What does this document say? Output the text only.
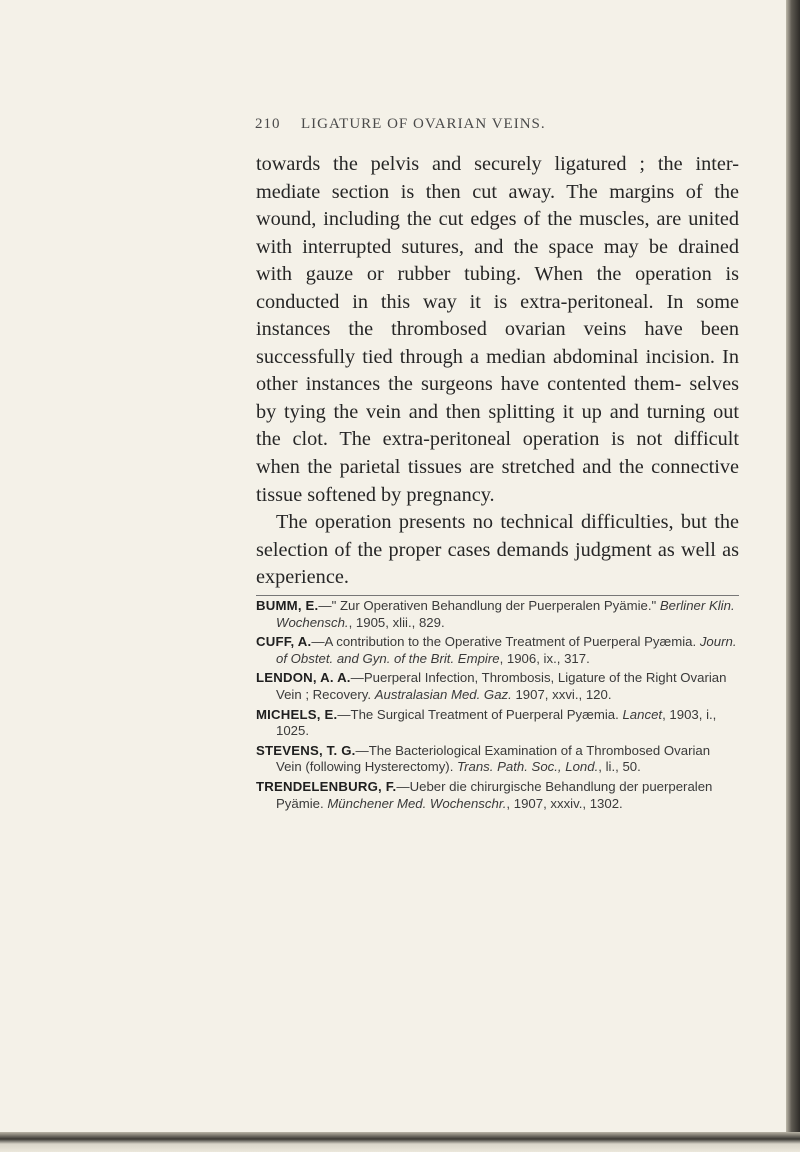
210 LIGATURE OF OVARIAN VEINS.

towards the pelvis and securely ligatured ; the inter- mediate section is then cut away. The margins of the wound, including the cut edges of the muscles, are united with interrupted sutures, and the space may be drained with gauze or rubber tubing. When the operation is conducted in this way it is extra-peritoneal. In some instances the thrombosed ovarian veins have been successfully tied through a median abdominal incision. In other instances the surgeons have contented them- selves by tying the vein and then splitting it up and turning out the clot. The extra-peritoneal operation is not difficult when the parietal tissues are stretched and the connective tissue softened by pregnancy.

The operation presents no technical difficulties, but the selection of the proper cases demands judgment as well as experience.

BUMM, E.—" Zur Operativen Behandlung der Puerperalen Pyämie." Berliner Klin. Wochensch., 1905, xlii., 829.

CUFF, A.—A contribution to the Operative Treatment of Puerperal Pyæmia. Journ. of Obstet. and Gyn. of the Brit. Empire, 1906, ix., 317.

LENDON, A. A.—Puerperal Infection, Thrombosis, Ligature of the Right Ovarian Vein ; Recovery. Australasian Med. Gaz. 1907, xxvi., 120.

MICHELS, E.—The Surgical Treatment of Puerperal Pyæmia. Lancet, 1903, i., 1025.

STEVENS, T. G.—The Bacteriological Examination of a Thrombosed Ovarian Vein (following Hysterectomy). Trans. Path. Soc., Lond., li., 50.

TRENDELENBURG, F.—Ueber die chirurgische Behandlung der puerperalen Pyämie. Münchener Med. Wochenschr., 1907, xxxiv., 1302.
